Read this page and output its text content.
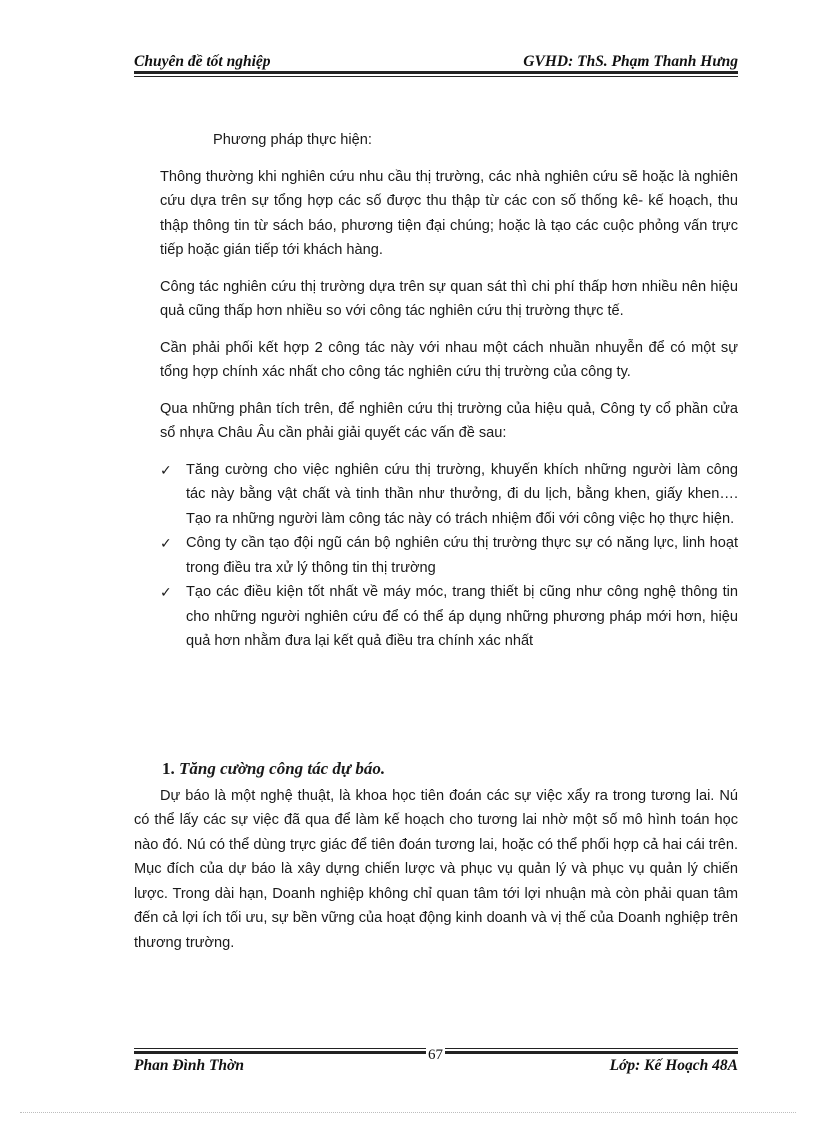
Chuyên đề tốt nghiệp	GVHD: ThS. Phạm Thanh Hưng

Phương pháp thực hiện:

Thông thường khi nghiên cứu nhu cầu thị trường, các nhà nghiên cứu sẽ hoặc là nghiên cứu dựa trên sự tổng hợp các số được thu thập từ các con số thống kê- kế hoạch, thu thập thông tin từ sách báo, phương tiện đại chúng; hoặc là tạo các cuộc phỏng vấn trực tiếp hoặc gián tiếp tới khách hàng.

Công tác nghiên cứu thị trường dựa trên sự quan sát thì chi phí thấp hơn nhiều nên hiệu quả cũng thấp hơn nhiều so với công tác nghiên cứu thị trường thực tế.

Cần phải phối kết hợp 2 công tác này với nhau một cách nhuần nhuyễn để có một sự tổng hợp chính xác nhất cho công tác nghiên cứu thị trường của công ty.

Qua những phân tích trên, để nghiên cứu thị trường của hiệu quả, Công ty cổ phần cửa sổ nhựa Châu Âu cần phải giải quyết các vấn đề sau:

✓ Tăng cường cho việc nghiên cứu thị trường, khuyến khích những người làm công tác này bằng vật chất và tinh thần như thưởng, đi du lịch, bằng khen, giấy khen…. Tạo ra những người làm công tác này có trách nhiệm đối với công việc họ thực hiện.
✓ Công ty cần tạo đội ngũ cán bộ nghiên cứu thị trường thực sự có năng lực, linh hoạt trong điều tra xử lý thông tin thị trường
✓ Tạo các điều kiện tốt nhất về máy móc, trang thiết bị cũng như công nghệ thông tin cho những người nghiên cứu để có thể áp dụng những phương pháp mới hơn, hiệu quả hơn nhằm đưa lại kết quả điều tra chính xác nhất

1. Tăng cường công tác dự báo.

Dự báo là một nghệ thuật, là khoa học tiên đoán các sự việc xẩy ra trong tương lai. Nú có thể lấy các sự việc đã qua để làm kế hoạch cho tương lai nhờ một số mô hình toán học nào đó. Nú có thể dùng trực giác để tiên đoán tương lai, hoặc có thể phối hợp cả hai cái trên. Mục đích của dự báo là xây dựng chiến lược và phục vụ quản lý và phục vụ quản lý chiến lược. Trong dài hạn, Doanh nghiệp không chỉ quan tâm tới lợi nhuận mà còn phải quan tâm đến cả lợi ích tối ưu, sự bền vững của hoạt động kinh doanh và vị thế của Doanh nghiệp trên thương trường.

67
Phan Đình Thờn	Lớp: Kế Hoạch 48A
